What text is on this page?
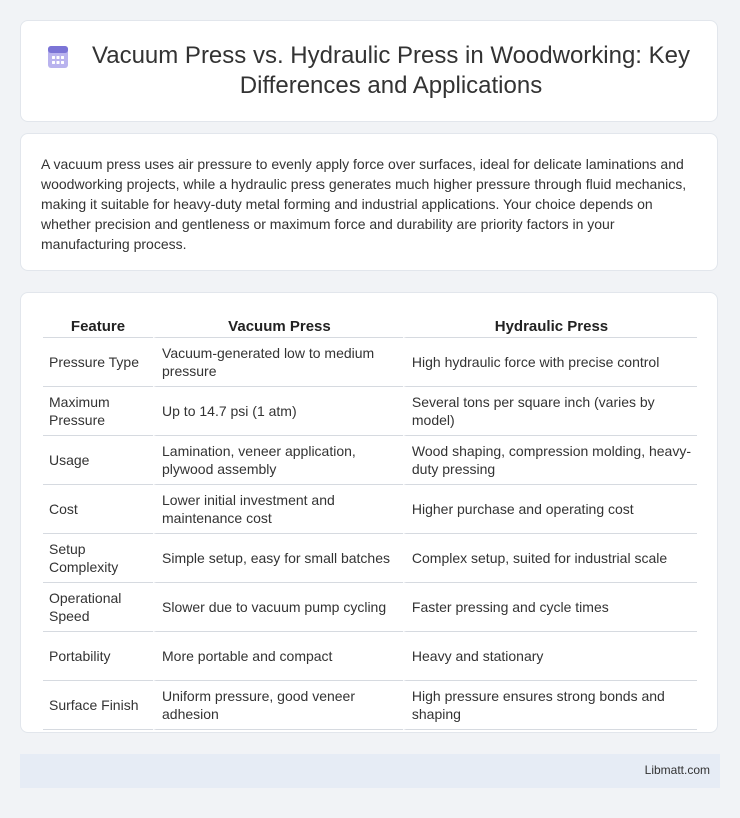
Vacuum Press vs. Hydraulic Press in Woodworking: Key Differences and Applications

A vacuum press uses air pressure to evenly apply force over surfaces, ideal for delicate laminations and woodworking projects, while a hydraulic press generates much higher pressure through fluid mechanics, making it suitable for heavy-duty metal forming and industrial applications. Your choice depends on whether precision and gentleness or maximum force and durability are priority factors in your manufacturing process.

Feature	Vacuum Press	Hydraulic Press
Pressure Type	Vacuum-generated low to medium pressure	High hydraulic force with precise control
Maximum Pressure	Up to 14.7 psi (1 atm)	Several tons per square inch (varies by model)
Usage	Lamination, veneer application, plywood assembly	Wood shaping, compression molding, heavy-duty pressing
Cost	Lower initial investment and maintenance cost	Higher purchase and operating cost
Setup Complexity	Simple setup, easy for small batches	Complex setup, suited for industrial scale
Operational Speed	Slower due to vacuum pump cycling	Faster pressing and cycle times
Portability	More portable and compact	Heavy and stationary
Surface Finish	Uniform pressure, good veneer adhesion	High pressure ensures strong bonds and shaping
Libmatt.com
